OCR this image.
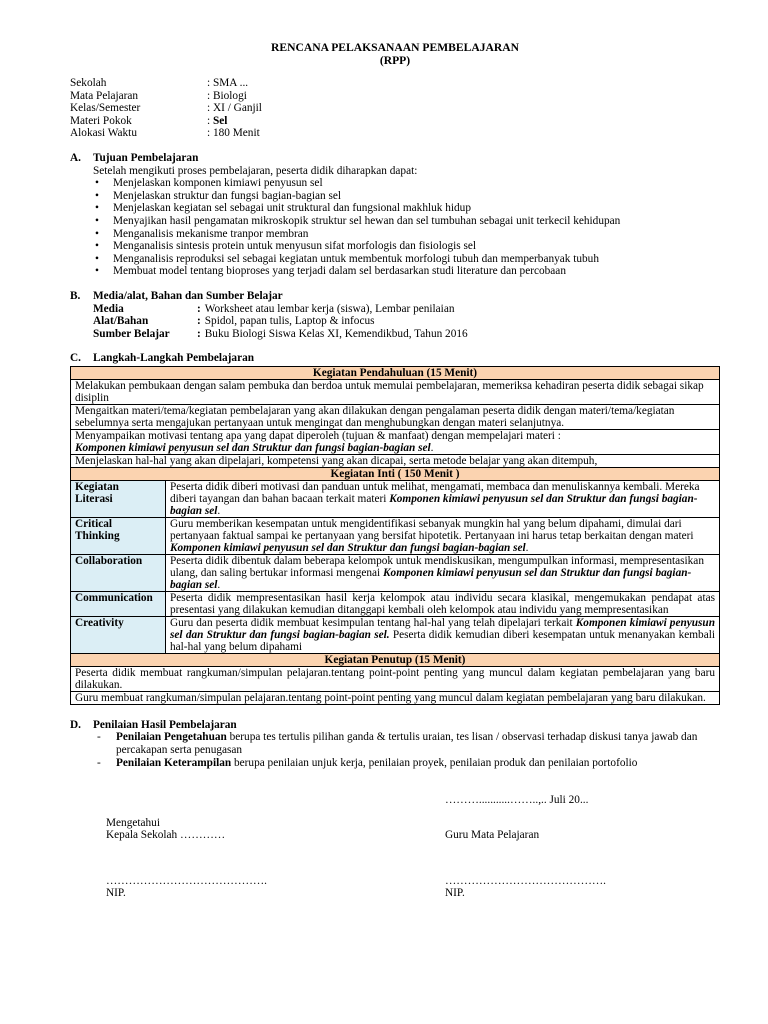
RENCANA PELAKSANAAN PEMBELAJARAN
(RPP)
Sekolah	: SMA ...
Mata Pelajaran	: Biologi
Kelas/Semester	: XI / Ganjil
Materi Pokok	: Sel
Alokasi Waktu	: 180 Menit
A.	Tujuan Pembelajaran
Setelah mengikuti proses pembelajaran, peserta didik diharapkan dapat:
• Menjelaskan komponen kimiawi penyusun sel
• Menjelaskan struktur dan fungsi bagian-bagian sel
• Menjelaskan kegiatan sel sebagai unit struktural dan fungsional makhluk hidup
• Menyajikan hasil pengamatan mikroskopik struktur sel hewan dan sel tumbuhan sebagai unit terkecil kehidupan
• Menganalisis mekanisme tranpor membran
• Menganalisis sintesis protein untuk menyusun sifat morfologis dan fisiologis sel
• Menganalisis reproduksi sel sebagai kegiatan untuk membentuk morfologi tubuh dan memperbanyak tubuh
• Membuat model tentang bioproses yang terjadi dalam sel berdasarkan studi literature dan percobaan
B.	Media/alat, Bahan dan Sumber Belajar
Media	: Worksheet atau lembar kerja (siswa), Lembar penilaian
Alat/Bahan	: Spidol, papan tulis, Laptop & infocus
Sumber Belajar	: Buku Biologi Siswa Kelas XI, Kemendikbud, Tahun 2016
C.	Langkah-Langkah Pembelajaran
Kegiatan Pendahuluan (15 Menit)	
Melakukan pembukaan dengan salam pembuka dan berdoa untuk memulai pembelajaran, memeriksa kehadiran peserta didik sebagai sikap disiplin	
Mengaitkan materi/tema/kegiatan pembelajaran yang akan dilakukan dengan pengalaman peserta didik dengan materi/tema/kegiatan sebelumnya serta mengajukan pertanyaan untuk mengingat dan menghubungkan dengan materi selanjutnya.	
Menyampaikan motivasi tentang apa yang dapat diperoleh (tujuan & manfaat) dengan mempelajari materi :
Komponen kimiawi penyusun sel dan Struktur dan fungsi bagian-bagian sel.	
Menjelaskan hal-hal yang akan dipelajari, kompetensi yang akan dicapai, serta metode belajar yang akan ditempuh,	
Kegiatan Inti ( 150 Menit )	
Kegiatan
Literasi	Peserta didik diberi motivasi dan panduan untuk melihat, mengamati, membaca dan menuliskannya kembali. Mereka diberi tayangan dan bahan bacaan terkait materi Komponen kimiawi penyusun sel dan Struktur dan fungsi bagian-bagian sel.
Critical
Thinking	Guru memberikan kesempatan untuk mengidentifikasi sebanyak mungkin hal yang belum dipahami, dimulai dari pertanyaan faktual sampai ke pertanyaan yang bersifat hipotetik. Pertanyaan ini harus tetap berkaitan dengan materi Komponen kimiawi penyusun sel dan Struktur dan fungsi bagian-bagian sel.
Collaboration	Peserta didik dibentuk dalam beberapa kelompok untuk mendiskusikan, mengumpulkan informasi, mempresentasikan ulang, dan saling bertukar informasi mengenai Komponen kimiawi penyusun sel dan Struktur dan fungsi bagian-bagian sel.
Communication	Peserta didik mempresentasikan hasil kerja kelompok atau individu secara klasikal, mengemukakan pendapat atas presentasi yang dilakukan kemudian ditanggapi kembali oleh kelompok atau individu yang mempresentasikan
Creativity	Guru dan peserta didik membuat kesimpulan tentang hal-hal yang telah dipelajari terkait Komponen kimiawi penyusun sel dan Struktur dan fungsi bagian-bagian sel. Peserta didik kemudian diberi kesempatan untuk menanyakan kembali hal-hal yang belum dipahami
Kegiatan Penutup (15 Menit)	
Peserta didik membuat rangkuman/simpulan pelajaran.tentang point-point penting yang muncul dalam kegiatan pembelajaran yang baru dilakukan.	
Guru membuat rangkuman/simpulan pelajaran.tentang point-point penting yang muncul dalam kegiatan pembelajaran yang baru dilakukan.	
D.	Penilaian Hasil Pembelajaran
- Penilaian Pengetahuan berupa tes tertulis pilihan ganda & tertulis uraian, tes lisan / observasi terhadap diskusi tanya jawab dan percakapan serta penugasan
- Penilaian Keterampilan berupa penilaian unjuk kerja, penilaian proyek, penilaian produk dan penilaian portofolio
………...........……..,.. Juli 20...
Mengetahui
Kepala Sekolah …………	Guru Mata Pelajaran
…………………………………….	…………………………………….
NIP.	NIP.
